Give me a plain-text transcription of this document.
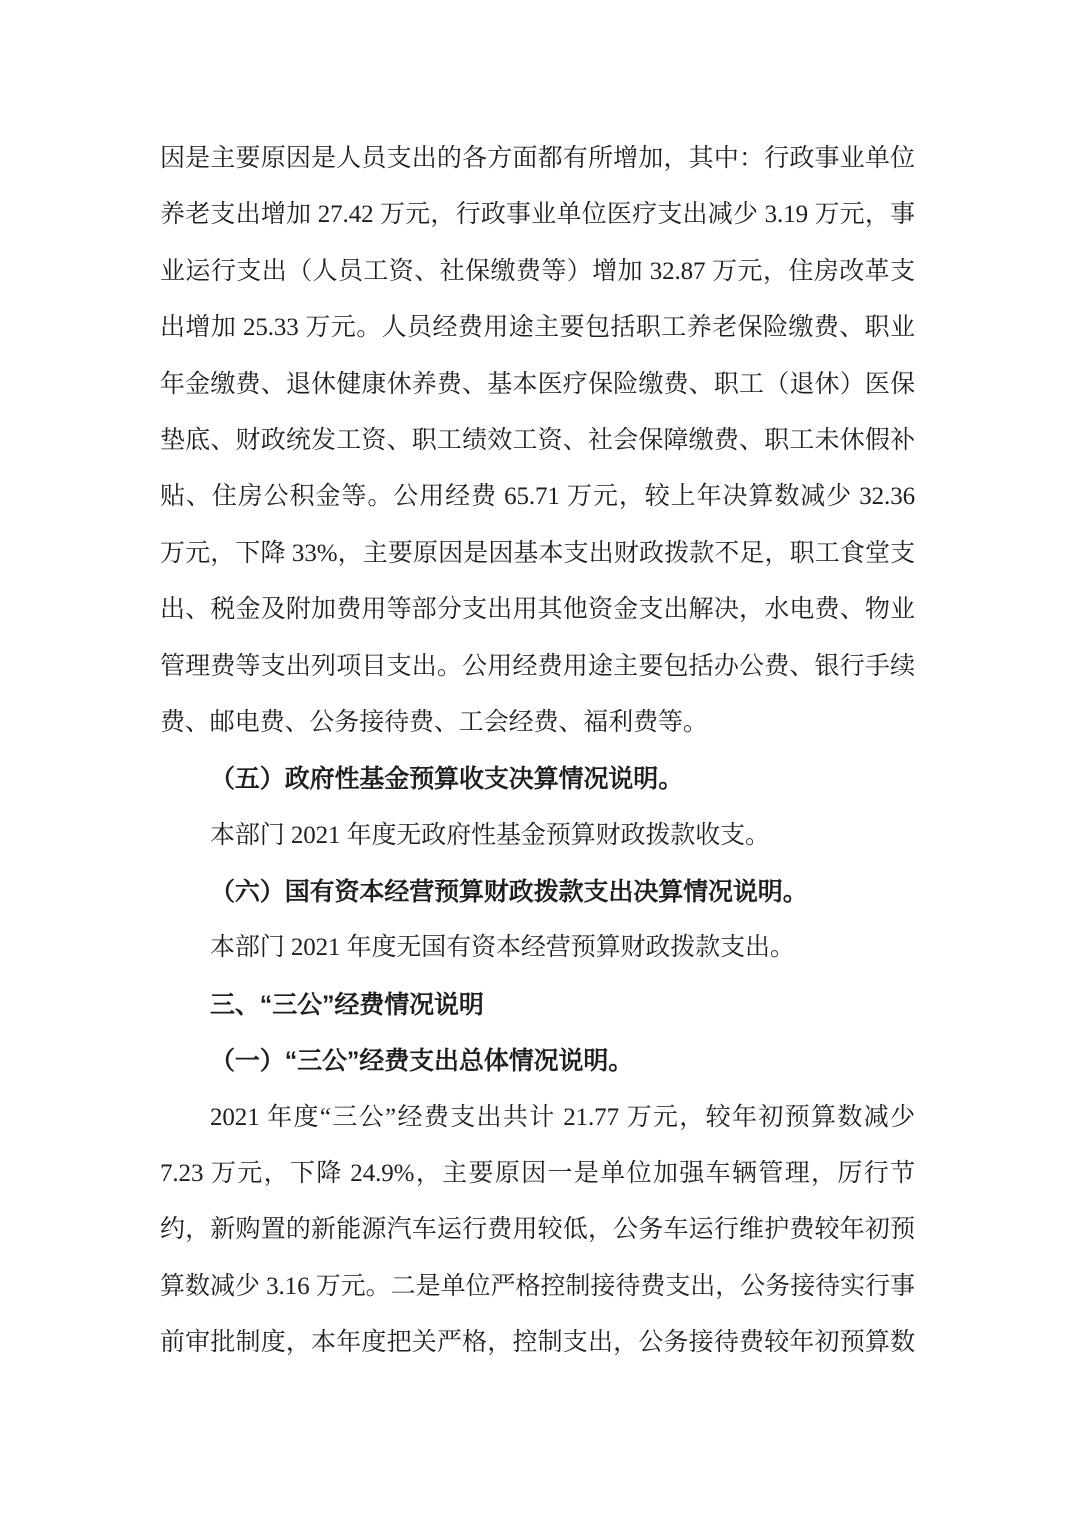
因是主要原因是人员支出的各方面都有所增加，其中：行政事业单位
养老支出增加 27.42 万元，行政事业单位医疗支出减少 3.19 万元，事
业运行支出（人员工资、社保缴费等）增加 32.87 万元，住房改革支
出增加 25.33 万元。人员经费用途主要包括职工养老保险缴费、职业
年金缴费、退休健康休养费、基本医疗保险缴费、职工（退休）医保
垫底、财政统发工资、职工绩效工资、社会保障缴费、职工未休假补
贴、住房公积金等。公用经费 65.71 万元，较上年决算数减少 32.36
万元，下降 33%，主要原因是因基本支出财政拨款不足，职工食堂支
出、税金及附加费用等部分支出用其他资金支出解决，水电费、物业
管理费等支出列项目支出。公用经费用途主要包括办公费、银行手续
费、邮电费、公务接待费、工会经费、福利费等。
（五）政府性基金预算收支决算情况说明。
本部门 2021 年度无政府性基金预算财政拨款收支。
（六）国有资本经营预算财政拨款支出决算情况说明。
本部门 2021 年度无国有资本经营预算财政拨款支出。
三、“三公”经费情况说明
（一）“三公”经费支出总体情况说明。
2021 年度“三公”经费支出共计 21.77 万元，较年初预算数减少
7.23 万元，下降 24.9%，主要原因一是单位加强车辆管理，厉行节
约，新购置的新能源汽车运行费用较低，公务车运行维护费较年初预
算数减少 3.16 万元。二是单位严格控制接待费支出，公务接待实行事
前审批制度，本年度把关严格，控制支出，公务接待费较年初预算数
